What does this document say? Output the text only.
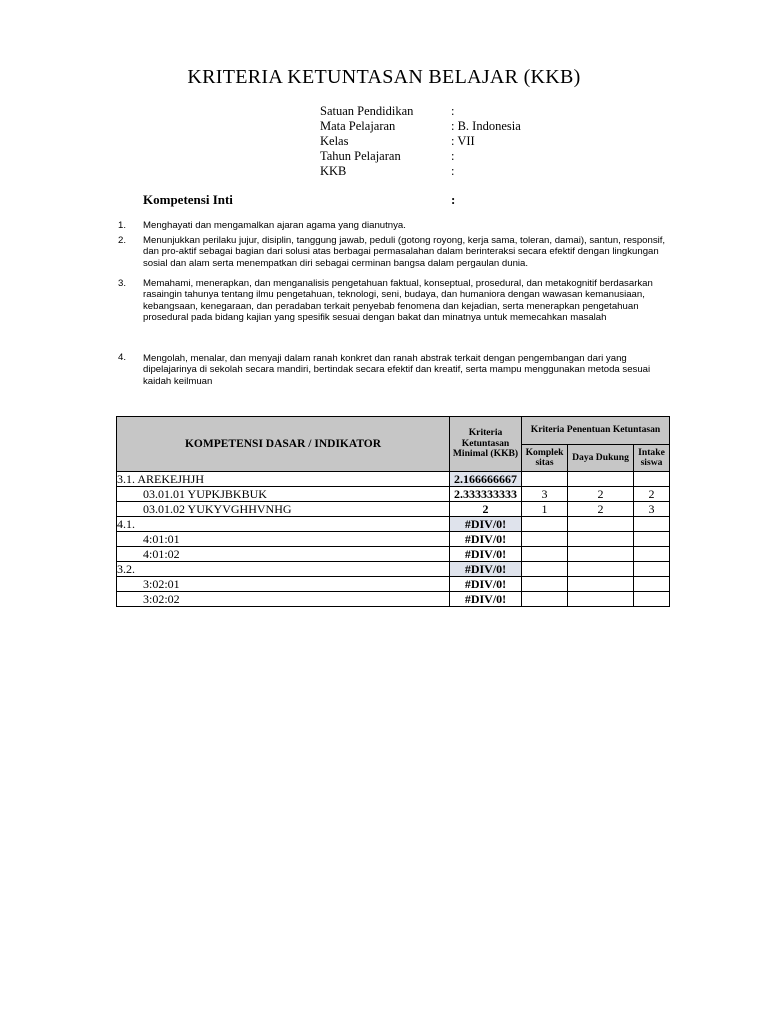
KRITERIA KETUNTASAN BELAJAR (KKB)
Satuan Pendidikan	:
Mata Pelajaran	: B. Indonesia
Kelas	: VII
Tahun Pelajaran	:
KKB	:
Kompetensi Inti	:
1. Menghayati dan mengamalkan ajaran agama yang dianutnya.
2. Menunjukkan perilaku jujur, disiplin, tanggung jawab, peduli (gotong royong, kerja sama, toleran, damai), santun, responsif, dan pro-aktif sebagai bagian dari solusi atas berbagai permasalahan dalam berinteraksi secara efektif dengan lingkungan sosial dan alam serta menempatkan diri sebagai cerminan bangsa dalam pergaulan dunia.
3. Memahami, menerapkan, dan menganalisis pengetahuan faktual, konseptual, prosedural, dan metakognitif berdasarkan rasaingin tahunya tentang ilmu pengetahuan, teknologi, seni, budaya, dan humaniora dengan wawasan kemanusiaan, kebangsaan, kenegaraan, dan peradaban terkait penyebab fenomena dan kejadian, serta menerapkan pengetahuan prosedural pada bidang kajian yang spesifik sesuai dengan bakat dan minatnya untuk memecahkan masalah
4. Mengolah, menalar, dan menyaji dalam ranah konkret dan ranah abstrak terkait dengan pengembangan dari yang dipelajarinya di sekolah secara mandiri, bertindak secara efektif dan kreatif, serta mampu menggunakan metoda sesuai kaidah keilmuan
KOMPETENSI DASAR / INDIKATOR	Kriteria Ketuntasan Minimal (KKB)	Kriteria Penentuan Ketuntasan		
		Komplek sitas	Daya Dukung	Intake siswa
3.1. AREKEJHJH	2.166666667			
03.01.01 YUPKJBKBUK	2.333333333	3	2	2
03.01.02 YUKYVGHHVNHG	2	1	2	3
4.1.	#DIV/0!			
4:01:01	#DIV/0!			
4:01:02	#DIV/0!			
3.2.	#DIV/0!			
3:02:01	#DIV/0!			
3:02:02	#DIV/0!			
